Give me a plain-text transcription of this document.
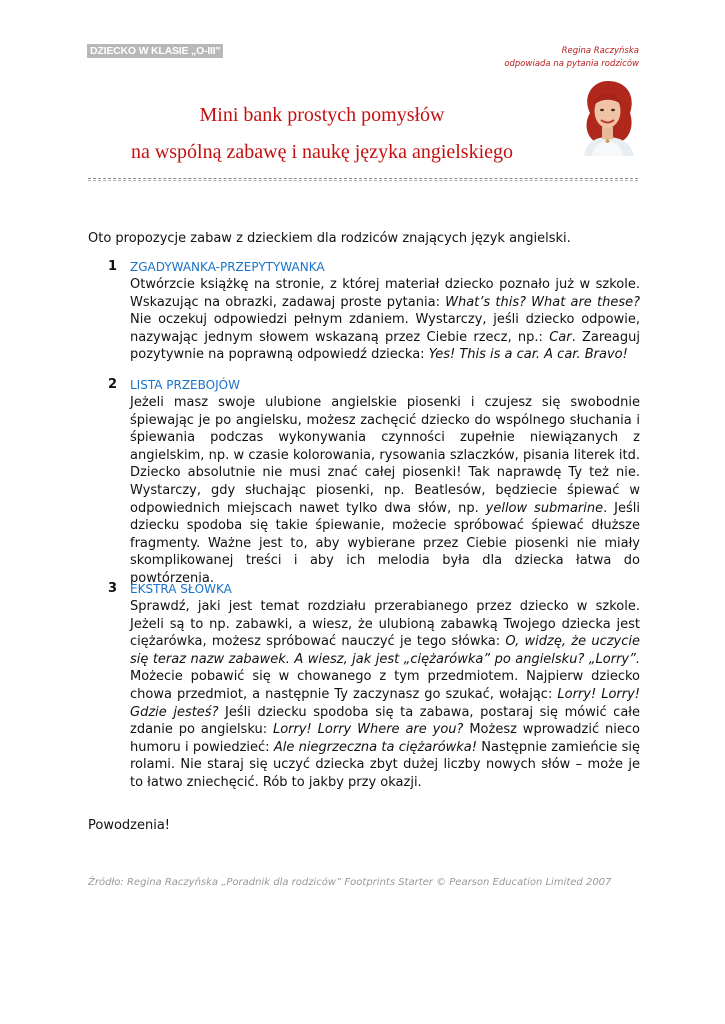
DZIECKO W KLASIE „O-III"	Regina Raczyńska
odpowiada na pytania rodziców
Mini bank prostych pomysłów
na wspólną zabawę i naukę języka angielskiego
Oto propozycje zabaw z dzieckiem dla rodziców znających język angielski.
1 ZGADYWANKA-PRZEPYTYWANKA
Otwórzcie książkę na stronie, z której materiał dziecko poznało już w szkole. Wskazując na obrazki, zadawaj proste pytania: What’s this? What are these? Nie oczekuj odpowiedzi pełnym zdaniem. Wystarczy, jeśli dziecko odpowie, nazywając jednym słowem wskazaną przez Ciebie rzecz, np.: Car. Zareaguj pozytywnie na poprawną odpowiedź dziecka: Yes! This is a car. A car. Bravo!
2 LISTA PRZEBOJÓW
Jeżeli masz swoje ulubione angielskie piosenki i czujesz się swobodnie śpiewając je po angielsku, możesz zachęcić dziecko do wspólnego słuchania i śpiewania podczas wykonywania czynności zupełnie niewiązanych z angielskim, np. w czasie kolorowania, rysowania szlaczków, pisania literek itd. Dziecko absolutnie nie musi znać całej piosenki! Tak naprawdę Ty też nie. Wystarczy, gdy słuchając piosenki, np. Beatlesów, będziecie śpiewać w odpowiednich miejscach nawet tylko dwa słów, np. yellow submarine. Jeśli dziecku spodoba się takie śpiewanie, możecie spróbować śpiewać dłuższe fragmenty. Ważne jest to, aby wybierane przez Ciebie piosenki nie miały skomplikowanej treści i aby ich melodia była dla dziecka łatwa do powtórzenia.
3 EKSTRA SŁÓWKA
Sprawdź, jaki jest temat rozdziału przerabianego przez dziecko w szkole. Jeżeli są to np. zabawki, a wiesz, że ulubioną zabawką Twojego dziecka jest ciężarówka, możesz spróbować nauczyć je tego słówka: O, widzę, że uczycie się teraz nazw zabawek. A wiesz, jak jest „ciężarówka” po angielsku? „Lorry”. Możecie pobawić się w chowanego z tym przedmiotem. Najpierw dziecko chowa przedmiot, a następnie Ty zaczynasz go szukać, wołając: Lorry! Lorry! Gdzie jesteś? Jeśli dziecku spodoba się ta zabawa, postaraj się mówić całe zdanie po angielsku: Lorry! Lorry Where are you? Możesz wprowadzić nieco humoru i powiedzieć: Ale niegrzeczna ta ciężarówka! Następnie zamieńcie się rolami. Nie staraj się uczyć dziecka zbyt dużej liczby nowych słów – może je to łatwo zniechęcić. Rób to jakby przy okazji.
Powodzenia!
Źródło: Regina Raczyńska „Poradnik dla rodziców” Footprints Starter © Pearson Education Limited 2007
